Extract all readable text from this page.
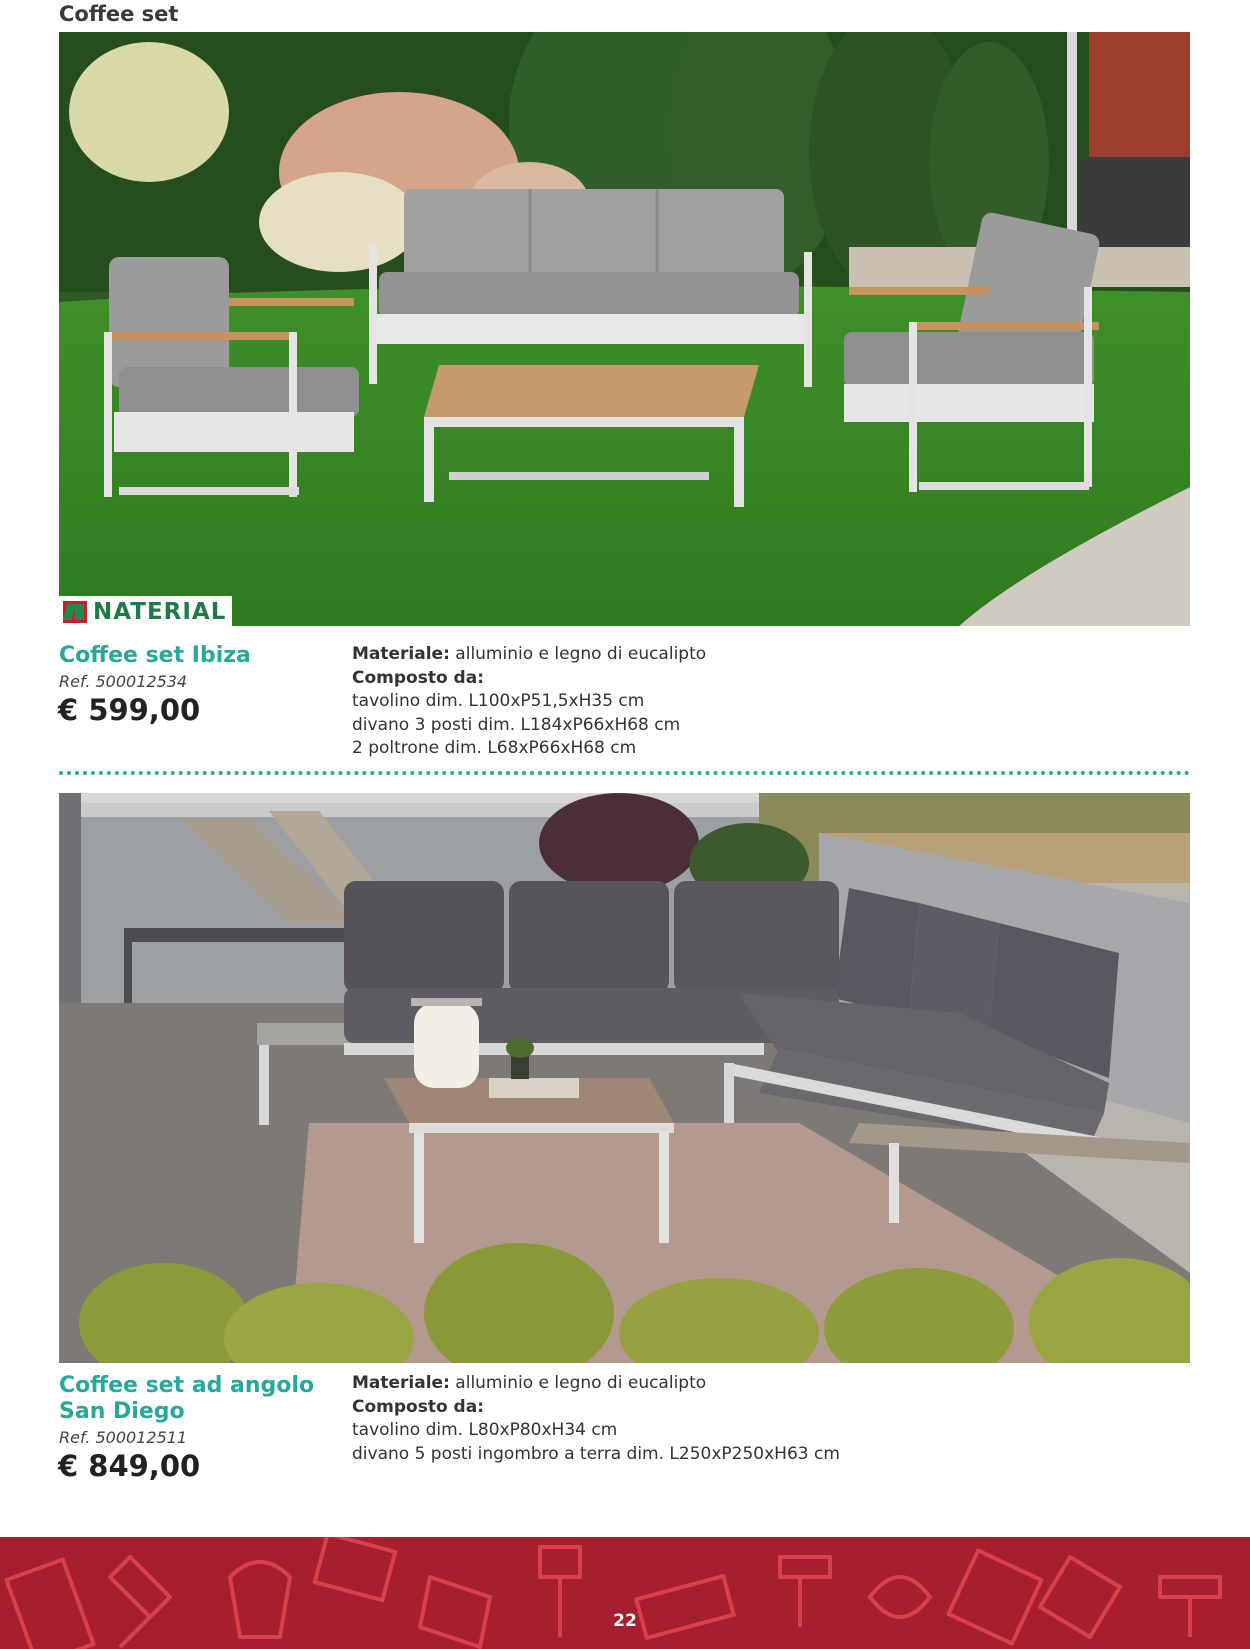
Coffee set
NATERIAL
Coffee set Ibiza
Ref. 500012534
€ 599,00
Materiale: alluminio e legno di eucalipto
Composto da:
tavolino dim. L100xP51,5xH35 cm
divano 3 posti dim. L184xP66xH68 cm
2 poltrone dim. L68xP66xH68 cm
Coffee set ad angolo
San Diego
Ref. 500012511
€ 849,00
Materiale: alluminio e legno di eucalipto
Composto da:
tavolino dim. L80xP80xH34 cm
divano 5 posti ingombro a terra dim. L250xP250xH63 cm
22
